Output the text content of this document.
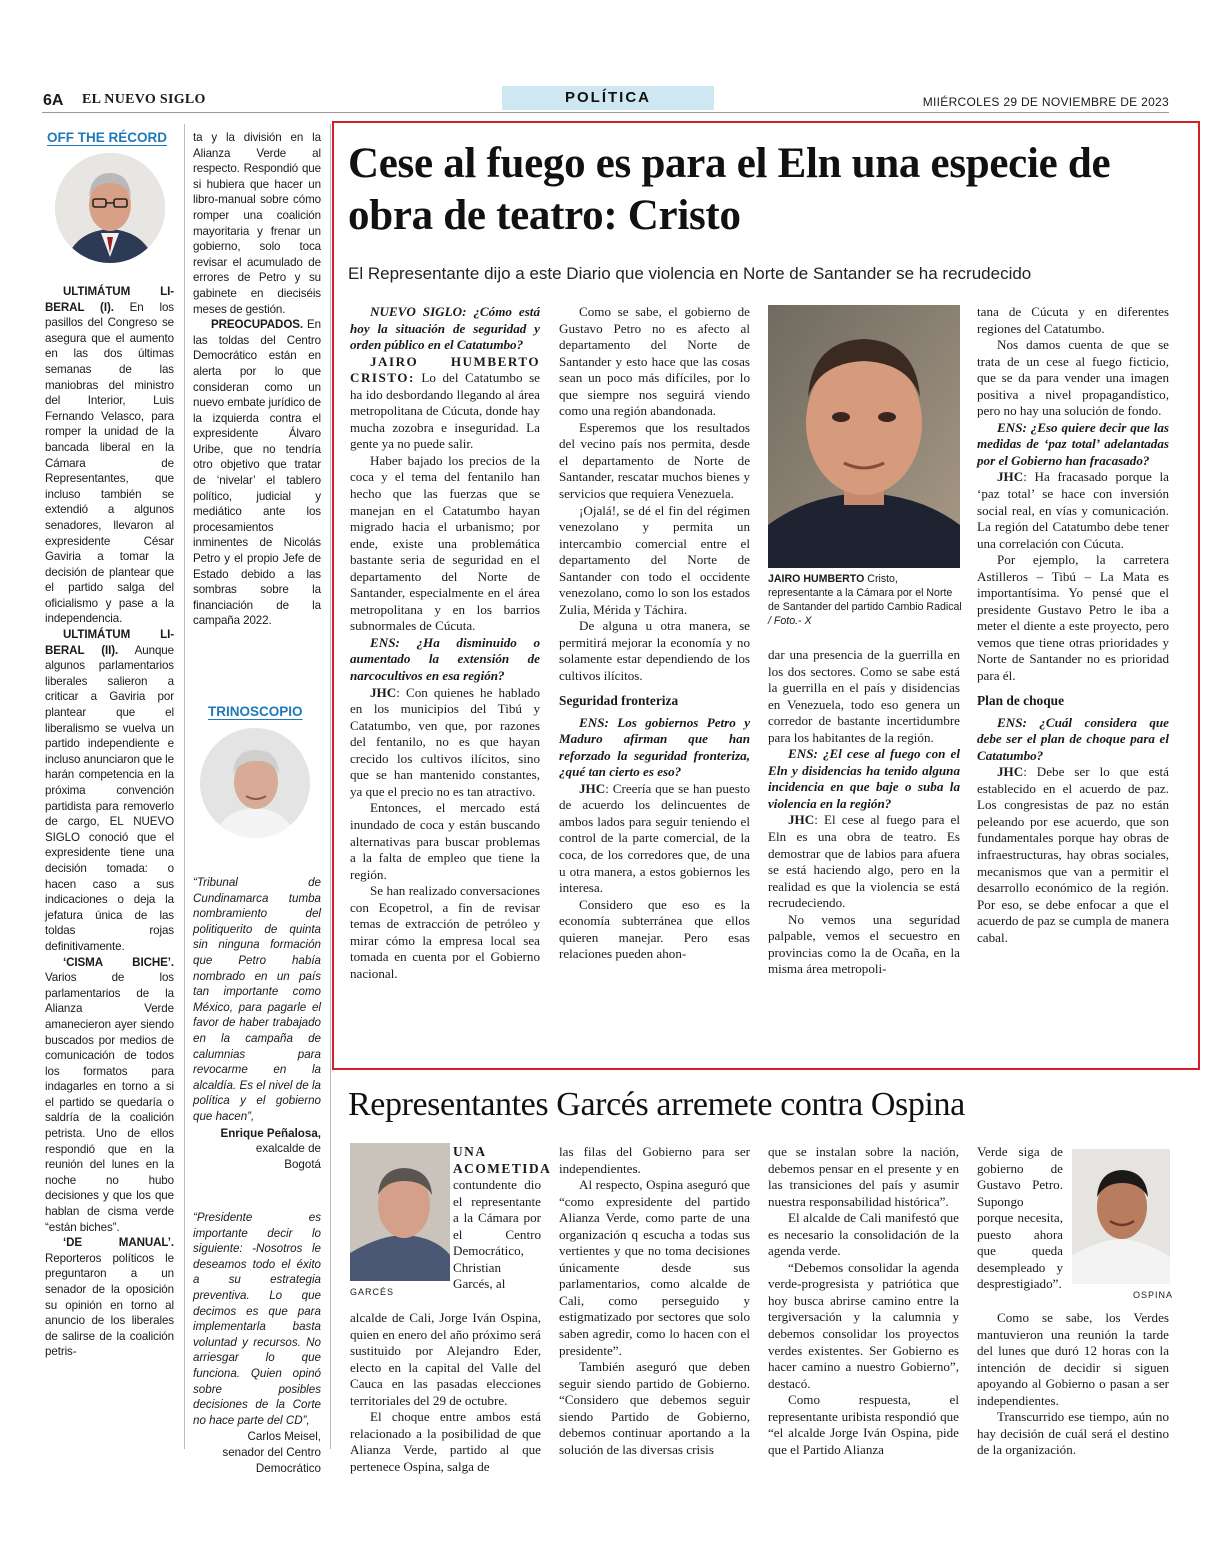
6A EL NUEVO SIGLO	POLÍTICA	MIIÉRCOLES 29 DE NOVIEMBRE DE 2023
OFF THE RÉCORD

ULTIMÁTUM LI-BERAL (I). En los pasillos del Congreso se asegura que el aumento en las dos últimas semanas de las maniobras del ministro del Interior, Luis Fernando Velasco, para romper la unidad de la bancada liberal en la Cámara de Representantes, que incluso también se extendió a algunos senadores, llevaron al expresidente César Gaviria a tomar la decisión de plantear que el partido salga del oficialismo y pase a la independencia.

ULTIMÁTUM LI-BERAL (II). Aunque algunos parlamentarios liberales salieron a criticar a Gaviria por plantear que el liberalismo se vuelva un partido independiente e incluso anunciaron que le harán competencia en la próxima convención partidista para removerlo de cargo, EL NUEVO SIGLO conoció que el expresidente tiene una decisión tomada: o hacen caso a sus indicaciones o deja la jefatura única de las toldas rojas definitivamente.

‘CISMA BICHE’. Varios de los parlamentarios de la Alianza Verde amanecieron ayer siendo buscados por medios de comunicación de todos los formatos para indagarles en torno a si el partido se quedaría o saldría de la coalición petrista. Uno de ellos respondió que en la reunión del lunes en la noche no hubo decisiones y que los que hablan de cisma verde “están biches”.

‘DE MANUAL’. Reporteros políticos le preguntaron a un senador de la oposición su opinión en torno al anuncio de los liberales de salirse de la coalición petris-

ta y la división en la Alianza Verde al respecto. Respondió que si hubiera que hacer un libro-manual sobre cómo romper una coalición mayoritaria y frenar un gobierno, solo toca revisar el acumulado de errores de Petro y su gabinete en dieciséis meses de gestión.

PREOCUPADOS. En las toldas del Centro Democrático están en alerta por lo que consideran como un nuevo embate jurídico de la izquierda contra el expresidente Álvaro Uribe, que no tendría otro objetivo que tratar de ‘nivelar’ el tablero político, judicial y mediático ante los procesamientos inminentes de Nicolás Petro y el propio Jefe de Estado debido a las sombras sobre la financiación de la campaña 2022.

TRINOSCOPIO

“Tribunal de Cundinamarca tumba nombramiento del politiquerito de quinta sin ninguna formación que Petro había nombrado en un país tan importante como México, para pagarle el favor de haber trabajado en la campaña de calumnias para revocarme en la alcaldía. Es el nivel de la política y el gobierno que hacen”,

Enrique Peñalosa,
exalcalde de Bogotá

“Presidente es importante decir lo siguiente: -Nosotros le deseamos todo el éxito a su estrategia preventiva. Lo que decimos es que para implementarla basta voluntad y recursos. No arriesgar lo que funciona. Quien opinó sobre posibles decisiones de la Corte no hace parte del CD”,

Carlos Meisel,
senador del Centro Democrático
Cese al fuego es para el Eln una especie de obra de teatro: Cristo
El Representante dijo a este Diario que violencia en Norte de Santander se ha recrudecido

NUEVO SIGLO: ¿Cómo está hoy la situación de seguridad y orden público en el Catatumbo?

JAIRO HUMBERTO CRISTO: Lo del Catatumbo se ha ido desbordando llegando al área metropolitana de Cúcuta, donde hay mucha zozobra e inseguridad. La gente ya no puede salir.

Haber bajado los precios de la coca y el tema del fentanilo han hecho que las fuerzas que se manejan en el Catatumbo hayan migrado hacia el urbanismo; por ende, existe una problemática bastante seria de seguridad en el departamento del Norte de Santander, especialmente en el área metropolitana y en los barrios subnormales de Cúcuta.

ENS: ¿Ha disminuido o aumentado la extensión de narcocultivos en esa región?

JHC: Con quienes he hablado en los municipios del Tibú y Catatumbo, ven que, por razones del fentanilo, no es que hayan crecido los cultivos ilícitos, sino que se han mantenido constantes, ya que el precio no es tan atractivo.

Entonces, el mercado está inundado de coca y están buscando alternativas para buscar problemas a la falta de empleo que tiene la región.

Se han realizado conversaciones con Ecopetrol, a fin de revisar temas de extracción de petróleo y mirar cómo la empresa local sea tomada en cuenta por el Gobierno nacional.

Como se sabe, el gobierno de Gustavo Petro no es afecto al departamento del Norte de Santander y esto hace que las cosas sean un poco más difíciles, por lo que siempre nos seguirá viendo como una región abandonada.

Esperemos que los resultados del vecino país nos permita, desde el departamento de Norte de Santander, rescatar muchos bienes y servicios que requiera Venezuela.

¡Ojalá!, se dé el fin del régimen venezolano y permita un intercambio comercial entre el departamento del Norte de Santander con todo el occidente venezolano, como lo son los estados Zulia, Mérida y Táchira.

De alguna u otra manera, se permitirá mejorar la economía y no solamente estar dependiendo de los cultivos ilícitos.

Seguridad fronteriza

ENS: Los gobiernos Petro y Maduro afirman que han reforzado la seguridad fronteriza, ¿qué tan cierto es eso?

JHC: Creería que se han puesto de acuerdo los delincuentes de ambos lados para seguir teniendo el control de la parte comercial, de la coca, de los corredores que, de una u otra manera, a estos gobiernos les interesa.

Considero que eso es la economía subterránea que ellos quieren manejar. Pero esas relaciones pueden ahon-

JAIRO HUMBERTO Cristo, representante a la Cámara por el Norte de Santander del partido Cambio Radical / Foto.- X

dar una presencia de la guerrilla en los dos sectores. Como se sabe está la guerrilla en el país y disidencias en Venezuela, todo eso genera un corredor de bastante incertidumbre para los habitantes de la región.

ENS: ¿El cese al fuego con el Eln y disidencias ha tenido alguna incidencia en que baje o suba la violencia en la región?

JHC: El cese al fuego para el Eln es una obra de teatro. Es demostrar que de labios para afuera se está haciendo algo, pero en la realidad es que la violencia se está recrudeciendo.

No vemos una seguridad palpable, vemos el secuestro en provincias como la de Ocaña, en la misma área metropoli-

tana de Cúcuta y en diferentes regiones del Catatumbo.

Nos damos cuenta de que se trata de un cese al fuego ficticio, que se da para vender una imagen positiva a nivel propagandístico, pero no hay una solución de fondo.

ENS: ¿Eso quiere decir que las medidas de ‘paz total’ adelantadas por el Gobierno han fracasado?

JHC: Ha fracasado porque la ‘paz total’ se hace con inversión social real, en vías y comunicación. La región del Catatumbo debe tener una correlación con Cúcuta.

Por ejemplo, la carretera Astilleros – Tibú – La Mata es importantísima. Yo pensé que el presidente Gustavo Petro le iba a meter el diente a este proyecto, pero vemos que tiene otras prioridades y Norte de Santander no es prioridad para él.

Plan de choque

ENS: ¿Cuál considera que debe ser el plan de choque para el Catatumbo?

JHC: Debe ser lo que está establecido en el acuerdo de paz. Los congresistas de paz no están peleando por ese acuerdo, que son fundamentales porque hay obras de infraestructuras, hay obras sociales, mecanismos que van a permitir el desarrollo económico de la región. Por eso, se debe enfocar a que el acuerdo de paz se cumpla de manera cabal.

Representantes Garcés arremete contra Ospina
GARCÉS

UNA ACOMETIDA

contundente dio el representante a la Cámara por el Centro Democrático, Christian Garcés, al

alcalde de Cali, Jorge Iván Ospina, quien en enero del año próximo será sustituido por Alejandro Eder, electo en la capital del Valle del Cauca en las pasadas elecciones territoriales del 29 de octubre.

El choque entre ambos está relacionado a la posibilidad de que Alianza Verde, partido al que pertenece Ospina, salga de

las filas del Gobierno para ser independientes.

Al respecto, Ospina aseguró que “como expresidente del partido Alianza Verde, como parte de una organización q escucha a todas sus vertientes y que no toma decisiones únicamente desde sus parlamentarios, como alcalde de Cali, como perseguido y estigmatizado por sectores que solo saben agredir, como lo hacen con el presidente”.

También aseguró que deben seguir siendo partido de Gobierno. “Considero que debemos seguir siendo Partido de Gobierno, debemos continuar aportando a la solución de las diversas crisis

que se instalan sobre la nación, debemos pensar en el presente y en las transiciones del país y asumir nuestra responsabilidad histórica”.

El alcalde de Cali manifestó que es necesario la consolidación de la agenda verde.

“Debemos consolidar la agenda verde-progresista y patriótica que hoy busca abrirse camino entre la tergiversación y la calumnia y debemos consolidar los proyectos verdes existentes. Ser Gobierno es hacer camino a nuestro Gobierno”, destacó.

Como respuesta, el representante uribista respondió que “el alcalde Jorge Iván Ospina, pide que el Partido Alianza

Verde siga de gobierno de Gustavo Petro. Supongo porque necesita, puesto ahora que queda desempleado y desprestigiado”.

OSPINA

Como se sabe, los Verdes mantuvieron una reunión la tarde del lunes que duró 12 horas con la intención de decidir si siguen apoyando al Gobierno o pasan a ser independientes.

Transcurrido ese tiempo, aún no hay decisión de cuál será el destino de la organización.
